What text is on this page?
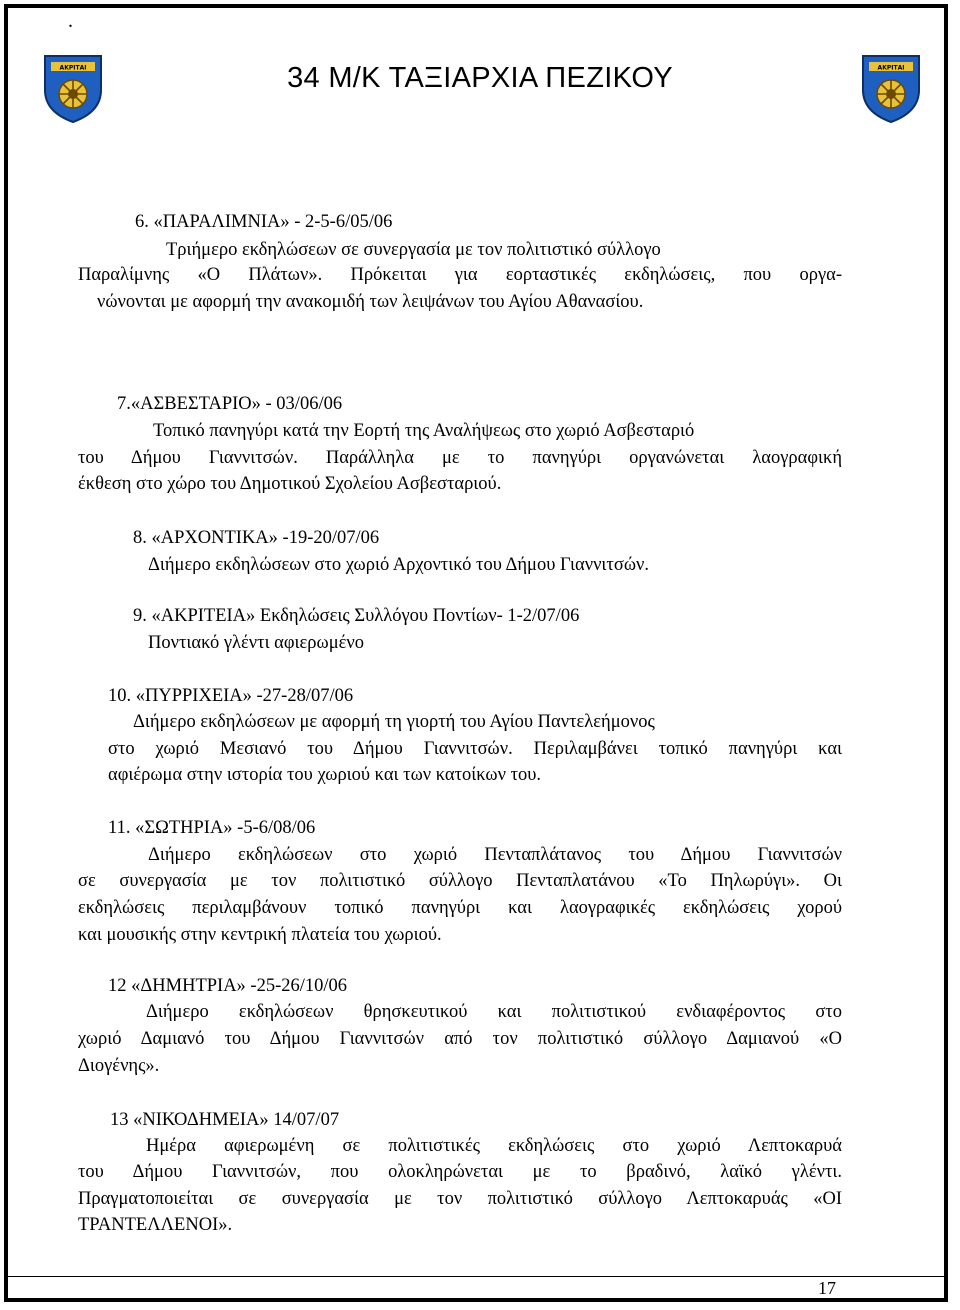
.
ΑΚΡΙΤΑΙ	ΑΚΡΙΤΑΙ
34 Μ/Κ ΤΑΞΙΑΡΧΙΑ ΠΕΖΙΚΟΥ
6. «ΠΑΡΑΛΙΜΝΙΑ» - 2-5-6/05/06
Τριήμερο εκδηλώσεων σε συνεργασία με τον πολιτιστικό σύλλογο
Παραλίμνης «Ο Πλάτων». Πρόκειται για εορταστικές εκδηλώσεις, που οργα-
νώνονται με αφορμή την ανακομιδή των λειψάνων του Αγίου Αθανασίου.
7.«ΑΣΒΕΣΤΑΡΙΟ» - 03/06/06
Τοπικό πανηγύρι κατά την Εορτή της Αναλήψεως στο χωριό Ασβεσταριό
του Δήμου Γιαννιτσών. Παράλληλα με το πανηγύρι οργανώνεται λαογραφική
έκθεση στο χώρο του Δημοτικού Σχολείου Ασβεσταριού.
8. «ΑΡΧΟΝΤΙΚΑ» -19-20/07/06
Διήμερο εκδηλώσεων στο χωριό Αρχοντικό του Δήμου Γιαννιτσών.
9. «ΑΚΡΙΤΕΙΑ» Εκδηλώσεις Συλλόγου Ποντίων- 1-2/07/06
Ποντιακό γλέντι αφιερωμένο
10. «ΠΥΡΡΙΧΕΙΑ» -27-28/07/06
Διήμερο εκδηλώσεων με αφορμή τη γιορτή του Αγίου Παντελεήμονος
στο χωριό Μεσιανό του Δήμου Γιαννιτσών. Περιλαμβάνει τοπικό πανηγύρι και
αφιέρωμα στην ιστορία του χωριού και των κατοίκων του.
11. «ΣΩΤΗΡΙΑ» -5-6/08/06
Διήμερο εκδηλώσεων στο χωριό Πενταπλάτανος του Δήμου Γιαννιτσών
σε συνεργασία με τον πολιτιστικό σύλλογο Πενταπλατάνου «Το Πηλωρύγι». Οι
εκδηλώσεις περιλαμβάνουν τοπικό πανηγύρι και λαογραφικές εκδηλώσεις χορού
και μουσικής στην κεντρική πλατεία του χωριού.
12 «ΔΗΜΗΤΡΙΑ» -25-26/10/06
Διήμερο εκδηλώσεων θρησκευτικού και πολιτιστικού ενδιαφέροντος στο
χωριό Δαμιανό του Δήμου Γιαννιτσών από τον πολιτιστικό σύλλογο Δαμιανού «Ο
Διογένης».
13 «ΝΙΚΟΔΗΜΕΙΑ» 14/07/07
Ημέρα αφιερωμένη σε πολιτιστικές εκδηλώσεις στο χωριό Λεπτοκαρυά
του Δήμου Γιαννιτσών, που ολοκληρώνεται με το βραδινό, λαϊκό γλέντι.
Πραγματοποιείται σε συνεργασία με τον πολιτιστικό σύλλογο Λεπτοκαρυάς «ΟΙ
ΤΡΑΝΤΕΛΛΕΝΟΙ».
17
